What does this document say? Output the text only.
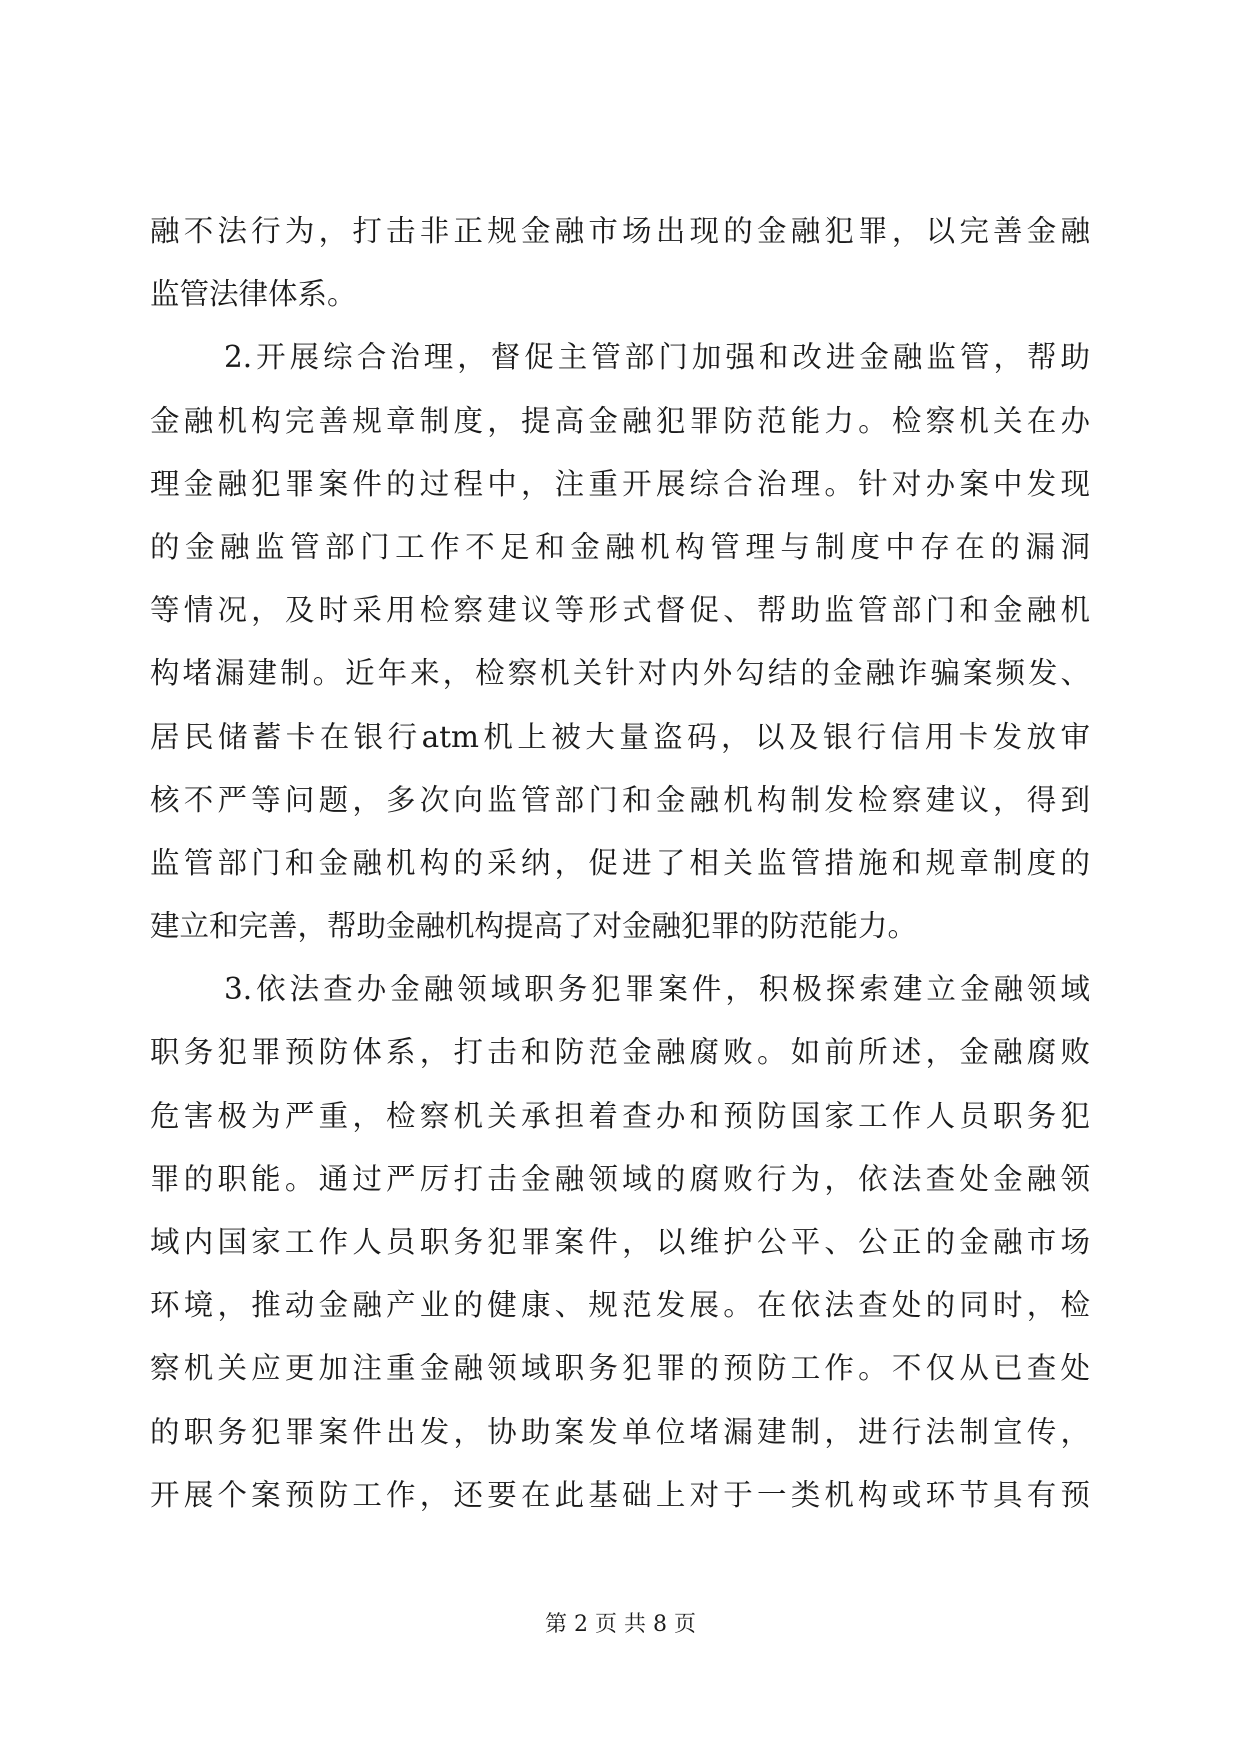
融不法行为，打击非正规金融市场出现的金融犯罪，以完善金融
监管法律体系。
2.开展综合治理，督促主管部门加强和改进金融监管，帮助
金融机构完善规章制度，提高金融犯罪防范能力。检察机关在办
理金融犯罪案件的过程中，注重开展综合治理。针对办案中发现
的金融监管部门工作不足和金融机构管理与制度中存在的漏洞
等情况，及时采用检察建议等形式督促、帮助监管部门和金融机
构堵漏建制。近年来，检察机关针对内外勾结的金融诈骗案频发、
居民储蓄卡在银行atm机上被大量盗码，以及银行信用卡发放审
核不严等问题，多次向监管部门和金融机构制发检察建议，得到
监管部门和金融机构的采纳，促进了相关监管措施和规章制度的
建立和完善，帮助金融机构提高了对金融犯罪的防范能力。
3.依法查办金融领域职务犯罪案件，积极探索建立金融领域
职务犯罪预防体系，打击和防范金融腐败。如前所述，金融腐败
危害极为严重，检察机关承担着查办和预防国家工作人员职务犯
罪的职能。通过严厉打击金融领域的腐败行为，依法查处金融领
域内国家工作人员职务犯罪案件，以维护公平、公正的金融市场
环境，推动金融产业的健康、规范发展。在依法查处的同时，检
察机关应更加注重金融领域职务犯罪的预防工作。不仅从已查处
的职务犯罪案件出发，协助案发单位堵漏建制，进行法制宣传，
开展个案预防工作，还要在此基础上对于一类机构或环节具有预
第 2 页 共 8 页
